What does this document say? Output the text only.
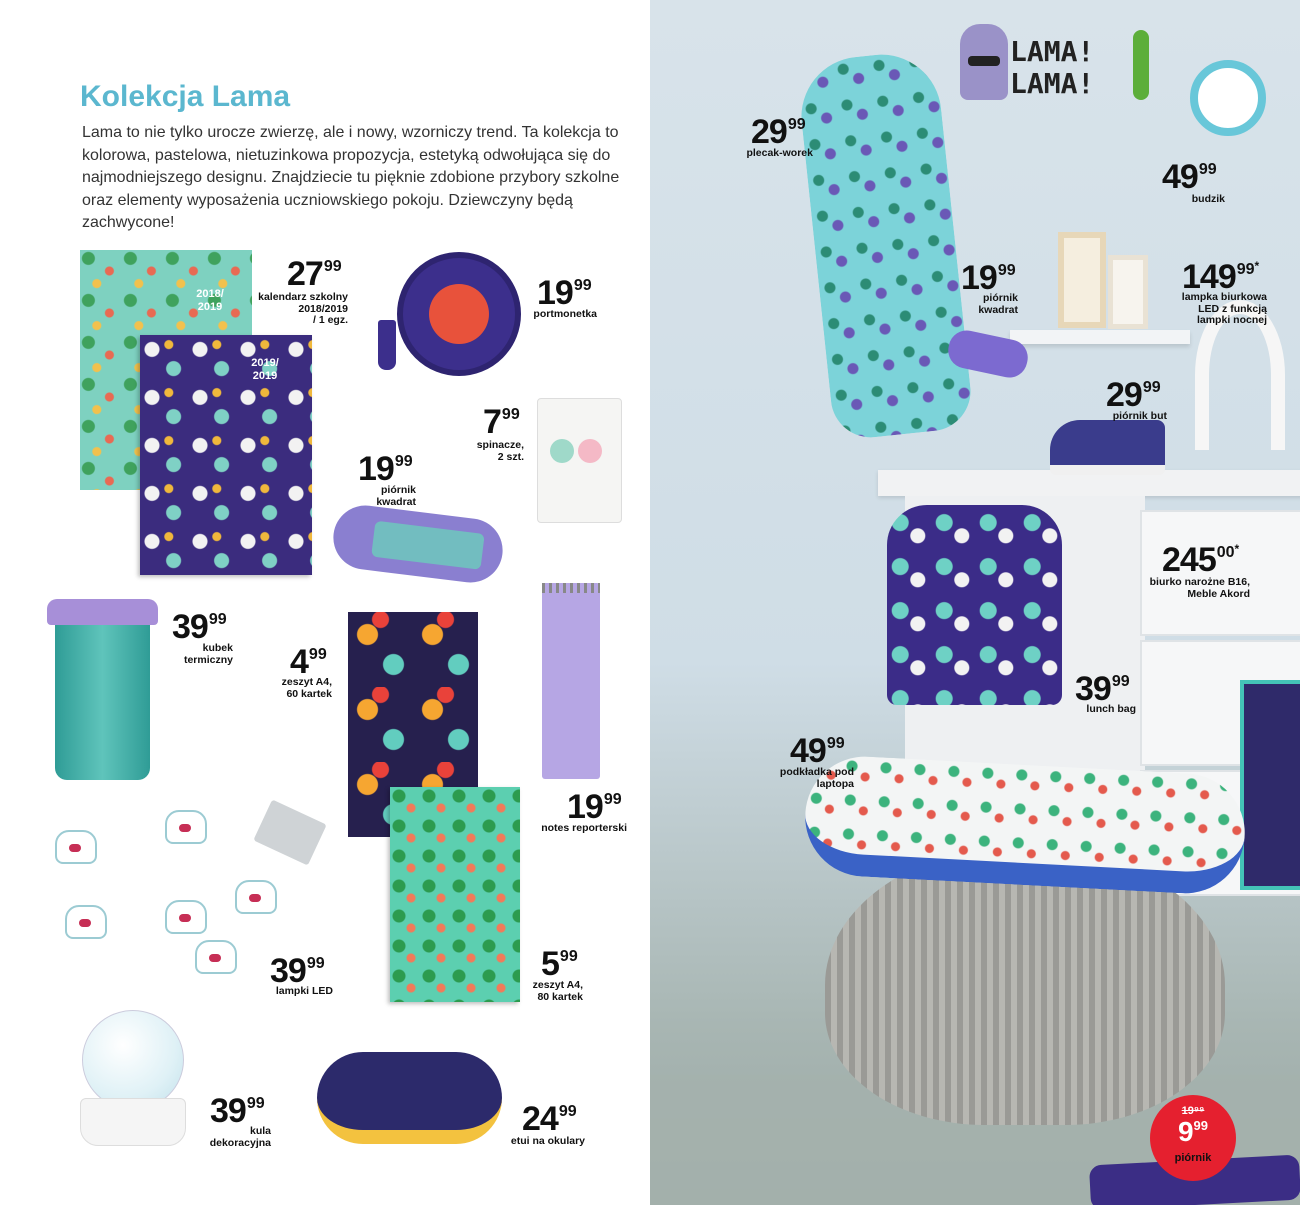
Kolekcja Lama

Lama to nie tylko urocze zwierzę, ale i nowy, wzorniczy trend. Ta kolekcja to kolorowa, pastelowa, nietuzinkowa propozycja, estetyką odwołująca się do najmodniejszego designu. Znajdziecie tu pięknie zdobione przybory szkolne oraz elementy wyposażenia uczniowskiego pokoju. Dziewczyny będą zachwycone!

2018/
2019
2019/
2019
2799
kalendarz szkolny
2018/2019
/ 1 egz.
1999
portmonetka
799
spinacze,
2 szt.
1999
piórnik
kwadrat
3999
kubek
termiczny 499
zeszyt A4,
60 kartek
1999
notes reporterski
3999
lampki LED
599
zeszyt A4,
80 kartek
3999
kula
dekoracyjna
2499
etui na okulary
LAMA!
LAMA!
2999
plecak-worek
4999
budzik
1999
piórnik
kwadrat
14999*
lampka biurkowa
LED z funkcją
lampki nocnej
2999
piórnik but
24500*
biurko narożne B16,
Meble Akord
3999
lunch bag
4999
podkładka pod
laptopa
19⁹⁹
$9^{99}$
piórnik
